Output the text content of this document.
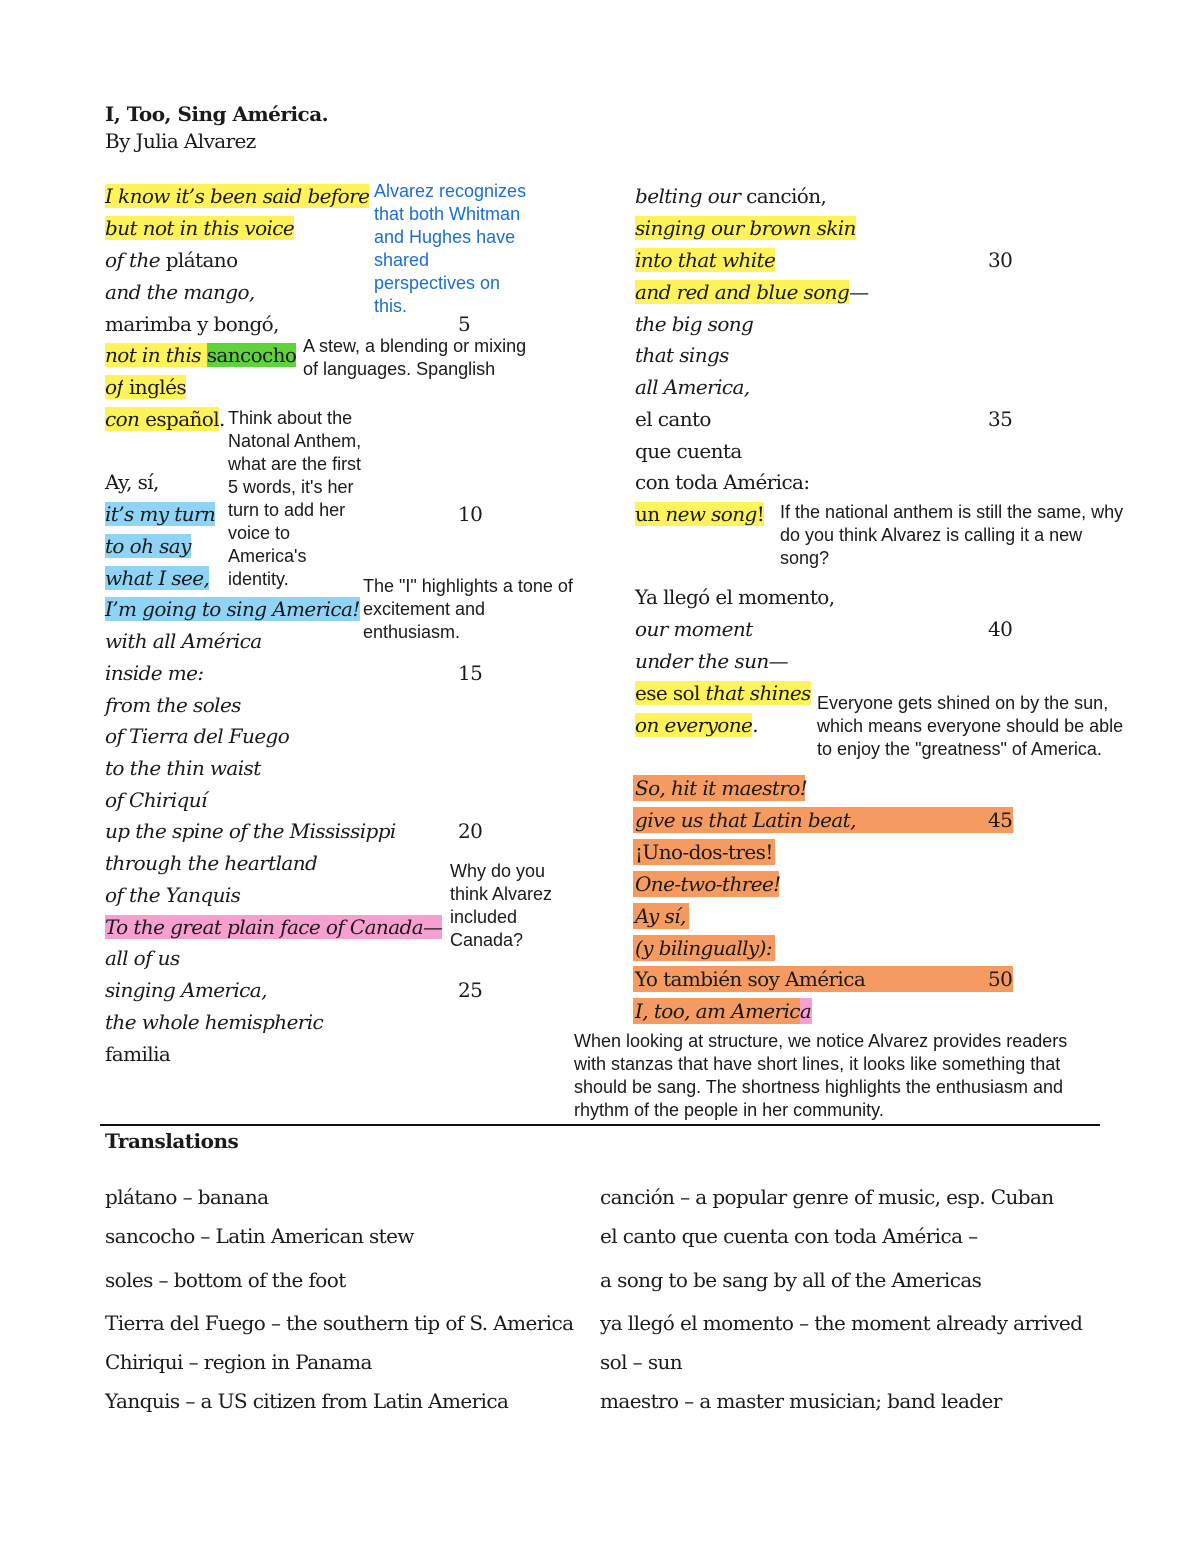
I, Too, Sing América.
By Julia Alvarez
I know it’s been said before
but not in this voice
of the plátano
and the mango,
marimba y bongó,
not in this sancocho
of inglés
con español.
Ay, sí,
it’s my turn
to oh say
what I see,
I’m going to sing America!
with all América
inside me:
from the soles
of Tierra del Fuego
to the thin waist
of Chiriquí
up the spine of the Mississippi
through the heartland
of the Yanquis
To the great plain face of Canada—
all of us
singing America,
the whole hemispheric
familia
5
10
15
20
25
belting our canción,
singing our brown skin
into that white
and red and blue song—
the big song
that sings
all America,
el canto
que cuenta
con toda América:
un new song!
Ya llegó el momento,
our moment
under the sun—
ese sol that shines
on everyone.
So, hit it maestro!
give us that Latin beat,
¡Uno-dos-tres!
One-two-three!
Ay sí,
(y bilingually):
Yo también soy América
I, too, am America
30
35
40
45
50
Alvarez recognizes
that both Whitman
and Hughes have
shared
perspectives on
this.
A stew, a blending or mixing
of languages. Spanglish
Think about the
Natonal Anthem,
what are the first
5 words, it's her
turn to add her
voice to
America's
identity.	The "I" highlights a tone of
excitement and
enthusiasm.
Why do you
think Alvarez
included
Canada?
If the national anthem is still the same, why
do you think Alvarez is calling it a new
song?
Everyone gets shined on by the sun,
which means everyone should be able
to enjoy the "greatness" of America.
When looking at structure, we notice Alvarez provides readers
with stanzas that have short lines, it looks like something that
should be sang. The shortness highlights the enthusiasm and
rhythm of the people in her community.
Translations
plátano – banana
sancocho – Latin American stew
soles – bottom of the foot
Tierra del Fuego – the southern tip of S. America
Chiriqui – region in Panama
Yanquis – a US citizen from Latin America
canción – a popular genre of music, esp. Cuban
el canto que cuenta con toda América –
a song to be sang by all of the Americas
ya llegó el momento – the moment already arrived
sol – sun
maestro – a master musician; band leader
